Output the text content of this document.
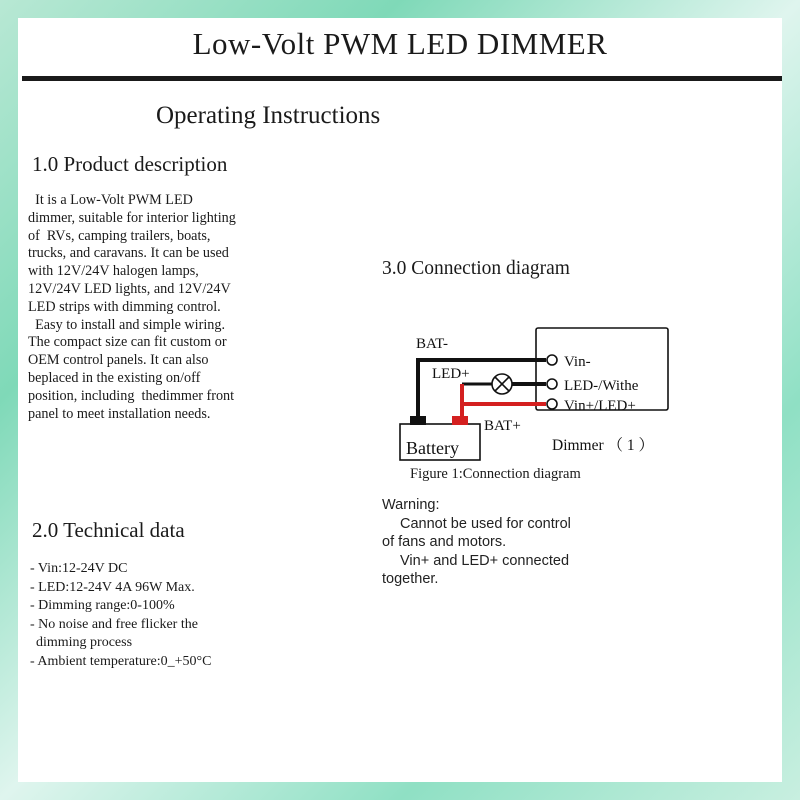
Low-Volt PWM LED DIMMER
Operating Instructions
1.0 Product description

It is a Low-Volt PWM LED

dimmer, suitable for interior lighting

of  RVs, camping trailers, boats,

trucks, and caravans. It can be used

with 12V/24V halogen lamps,

12V/24V LED lights, and 12V/24V

LED strips with dimming control.

Easy to install and simple wiring.

The compact size can fit custom or

OEM control panels. It can also

beplaced in the existing on/off

position, including  thedimmer front

panel to meet installation needs.

2.0 Technical data
- Vin:12-24V DC
- LED:12-24V 4A 96W Max.
- Dimming range:0-100%
- No noise and free flicker the
dimming process
- Ambient temperature:0_+50°C
3.0 Connection diagram
BAT-
LED+
BAT+
Vin-
LED-/Withe
Vin+/LED+
Battery	Dimmer （ 1 ）
Figure 1:Connection diagram

Warning:

Cannot be used for control

of fans and motors.

Vin+ and LED+ connected

together.
